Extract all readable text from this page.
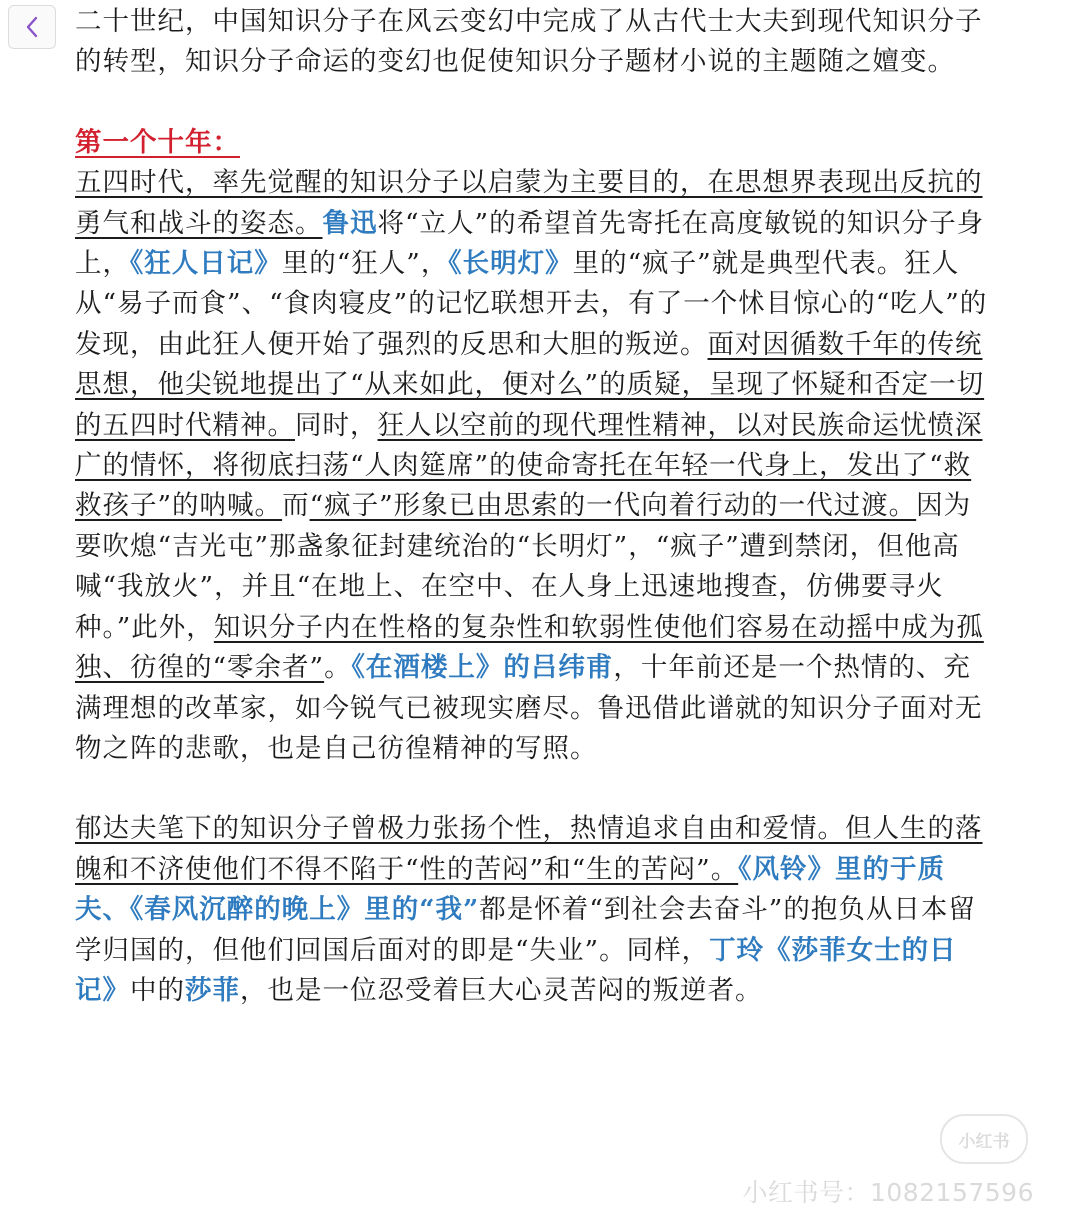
二十世纪，中国知识分子在风云变幻中完成了从古代士大夫到现代知识分子的转型，知识分子命运的变幻也促使知识分子题材小说的主题随之嬗变。

第一个十年：

五四时代，率先觉醒的知识分子以启蒙为主要目的，在思想界表现出反抗的勇气和战斗的姿态。鲁迅将“立人”的希望首先寄托在高度敏锐的知识分子身上，《狂人日记》里的“狂人”，《长明灯》里的“疯子”就是典型代表。狂人从“易子而食”、“食肉寝皮”的记忆联想开去，有了一个怵目惊心的“吃人”的发现，由此狂人便开始了强烈的反思和大胆的叛逆。面对因循数千年的传统思想，他尖锐地提出了“从来如此，便对么”的质疑，呈现了怀疑和否定一切的五四时代精神。同时，狂人以空前的现代理性精神，以对民族命运忧愤深广的情怀，将彻底扫荡“人肉筵席”的使命寄托在年轻一代身上，发出了“救救孩子”的呐喊。而“疯子”形象已由思索的一代向着行动的一代过渡。因为要吹熄“吉光屯”那盏象征封建统治的“长明灯”，“疯子”遭到禁闭，但他高喊“我放火”，并且“在地上、在空中、在人身上迅速地搜查，仿佛要寻火种。”此外，知识分子内在性格的复杂性和软弱性使他们容易在动摇中成为孤独、彷徨的“零余者”。《在酒楼上》的吕纬甫，十年前还是一个热情的、充满理想的改革家，如今锐气已被现实磨尽。鲁迅借此谱就的知识分子面对无物之阵的悲歌，也是自己彷徨精神的写照。

郁达夫笔下的知识分子曾极力张扬个性，热情追求自由和爱情。但人生的落魄和不济使他们不得不陷于“性的苦闷”和“生的苦闷”。《风铃》里的于质夫、《春风沉醉的晚上》里的“我”都是怀着“到社会去奋斗”的抱负从日本留学归国的，但他们回国后面对的即是“失业”。同样，丁玲《莎菲女士的日记》中的莎菲，也是一位忍受着巨大心灵苦闷的叛逆者。

小红书
小红书号：1082157596
